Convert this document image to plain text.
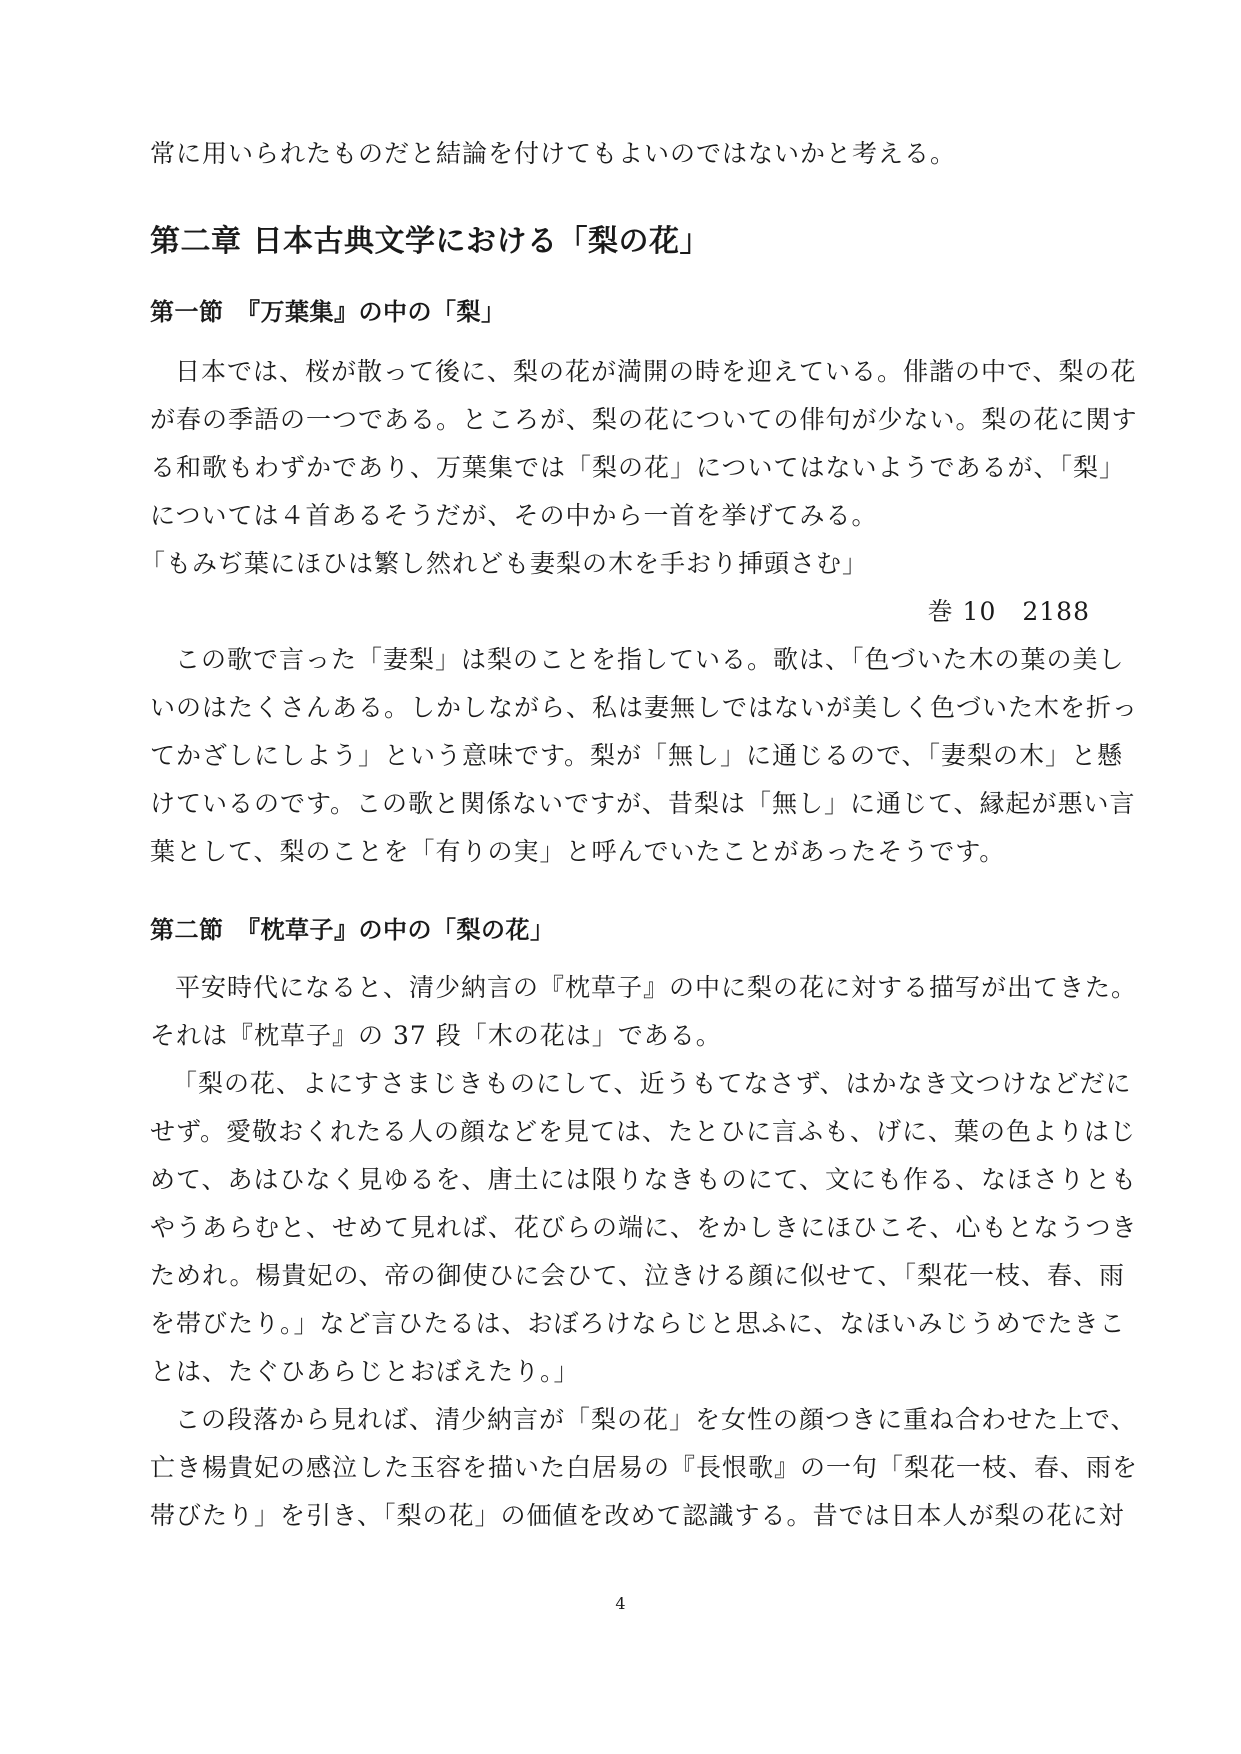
常に用いられたものだと結論を付けてもよいのではないかと考える。
第二章 日本古典文学における「梨の花」
第一節　『万葉集』の中の「梨」
日本では、桜が散って後に、梨の花が満開の時を迎えている。俳諧の中で、梨の花
が春の季語の一つである。ところが、梨の花についての俳句が少ない。梨の花に関す
る和歌もわずかであり、万葉集では「梨の花」についてはないようであるが、「梨」
については４首あるそうだが、その中から一首を挙げてみる。
「もみぢ葉にほひは繁し然れども妻梨の木を手おり挿頭さむ」
巻 10　2188
この歌で言った「妻梨」は梨のことを指している。歌は、「色づいた木の葉の美し
いのはたくさんある。しかしながら、私は妻無しではないが美しく色づいた木を折っ
てかざしにしよう」という意味です。梨が「無し」に通じるので、「妻梨の木」と懸
けているのです。この歌と関係ないですが、昔梨は「無し」に通じて、縁起が悪い言
葉として、梨のことを「有りの実」と呼んでいたことがあったそうです。
第二節　『枕草子』の中の「梨の花」
平安時代になると、清少納言の『枕草子』の中に梨の花に対する描写が出てきた。
それは『枕草子』の 37 段「木の花は」である。
「梨の花、よにすさまじきものにして、近うもてなさず、はかなき文つけなどだに
せず。愛敬おくれたる人の顔などを見ては、たとひに言ふも、げに、葉の色よりはじ
めて、あはひなく見ゆるを、唐土には限りなきものにて、文にも作る、なほさりとも
やうあらむと、せめて見れば、花びらの端に、をかしきにほひこそ、心もとなうつき
ためれ。楊貴妃の、帝の御使ひに会ひて、泣きける顔に似せて、「梨花一枝、春、雨
を帯びたり。」など言ひたるは、おぼろけならじと思ふに、なほいみじうめでたきこ
とは、たぐひあらじとおぼえたり。」
この段落から見れば、清少納言が「梨の花」を女性の顔つきに重ね合わせた上で、
亡き楊貴妃の感泣した玉容を描いた白居易の『長恨歌』の一句「梨花一枝、春、雨を
帯びたり」を引き、「梨の花」の価値を改めて認識する。昔では日本人が梨の花に対
4
